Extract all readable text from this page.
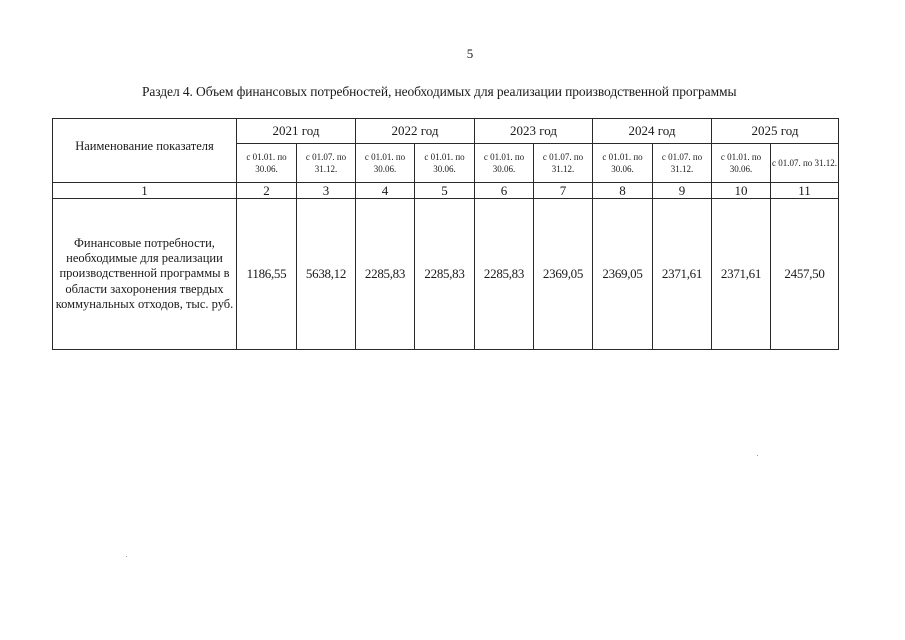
5
Раздел 4. Объем финансовых потребностей, необходимых для реализации производственной программы
Наименование показателя	2021 год		2022 год		2023 год		2024 год		2025 год	
	с 01.01. по 30.06.	с 01.07. по 31.12.	с 01.01. по 30.06.	с 01.01. по 30.06.	с 01.01. по 30.06.	с 01.07. по 31.12.	с 01.01. по 30.06.	с 01.07. по 31.12.	с 01.01. по 30.06.	с 01.07. по 31.12.
1	2	3	4	5	6	7	8	9	10	11
Финансовые потребности, необходимые для реализации производственной программы в области захоронения твердых коммунальных отходов, тыс. руб.	1186,55	5638,12	2285,83	2285,83	2285,83	2369,05	2369,05	2371,61	2371,61	2457,50
